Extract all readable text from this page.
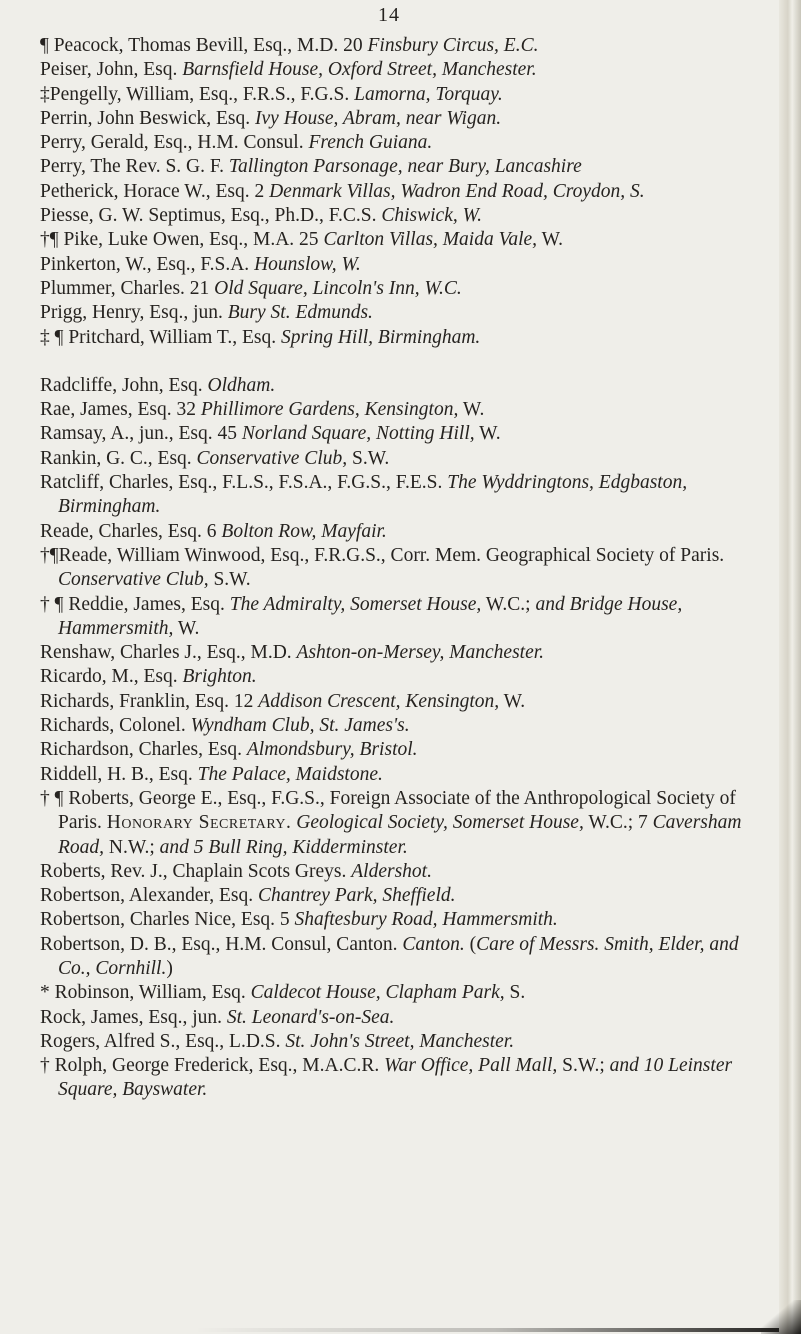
14

¶ Peacock, Thomas Bevill, Esq., M.D. 20 Finsbury Circus, E.C.

Peiser, John, Esq. Barnsfield House, Oxford Street, Manchester.

‡Pengelly, William, Esq., F.R.S., F.G.S. Lamorna, Torquay.

Perrin, John Beswick, Esq. Ivy House, Abram, near Wigan.

Perry, Gerald, Esq., H.M. Consul. French Guiana.

Perry, The Rev. S. G. F. Tallington Parsonage, near Bury, Lancashire

Petherick, Horace W., Esq. 2 Denmark Villas, Wadron End Road, Croydon, S.

Piesse, G. W. Septimus, Esq., Ph.D., F.C.S. Chiswick, W.

†¶ Pike, Luke Owen, Esq., M.A. 25 Carlton Villas, Maida Vale, W.

Pinkerton, W., Esq., F.S.A. Hounslow, W.

Plummer, Charles. 21 Old Square, Lincoln's Inn, W.C.

Prigg, Henry, Esq., jun. Bury St. Edmunds.

‡ ¶ Pritchard, William T., Esq. Spring Hill, Birmingham.

Radcliffe, John, Esq. Oldham.

Rae, James, Esq. 32 Phillimore Gardens, Kensington, W.

Ramsay, A., jun., Esq. 45 Norland Square, Notting Hill, W.

Rankin, G. C., Esq. Conservative Club, S.W.

Ratcliff, Charles, Esq., F.L.S., F.S.A., F.G.S., F.E.S. The Wyddringtons, Edgbaston, Birmingham.

Reade, Charles, Esq. 6 Bolton Row, Mayfair.

†¶Reade, William Winwood, Esq., F.R.G.S., Corr. Mem. Geographical Society of Paris. Conservative Club, S.W.

† ¶ Reddie, James, Esq. The Admiralty, Somerset House, W.C.; and Bridge House, Hammersmith, W.

Renshaw, Charles J., Esq., M.D. Ashton-on-Mersey, Manchester.

Ricardo, M., Esq. Brighton.

Richards, Franklin, Esq. 12 Addison Crescent, Kensington, W.

Richards, Colonel. Wyndham Club, St. James's.

Richardson, Charles, Esq. Almondsbury, Bristol.

Riddell, H. B., Esq. The Palace, Maidstone.

† ¶ Roberts, George E., Esq., F.G.S., Foreign Associate of the Anthropological Society of Paris. Honorary Secretary. Geological Society, Somerset House, W.C.; 7 Caversham Road, N.W.; and 5 Bull Ring, Kidderminster.

Roberts, Rev. J., Chaplain Scots Greys. Aldershot.

Robertson, Alexander, Esq. Chantrey Park, Sheffield.

Robertson, Charles Nice, Esq. 5 Shaftesbury Road, Hammersmith.

Robertson, D. B., Esq., H.M. Consul, Canton. Canton. (Care of Messrs. Smith, Elder, and Co., Cornhill.)

* Robinson, William, Esq. Caldecot House, Clapham Park, S.

Rock, James, Esq., jun. St. Leonard's-on-Sea.

Rogers, Alfred S., Esq., L.D.S. St. John's Street, Manchester.

† Rolph, George Frederick, Esq., M.A.C.R. War Office, Pall Mall, S.W.; and 10 Leinster Square, Bayswater.
